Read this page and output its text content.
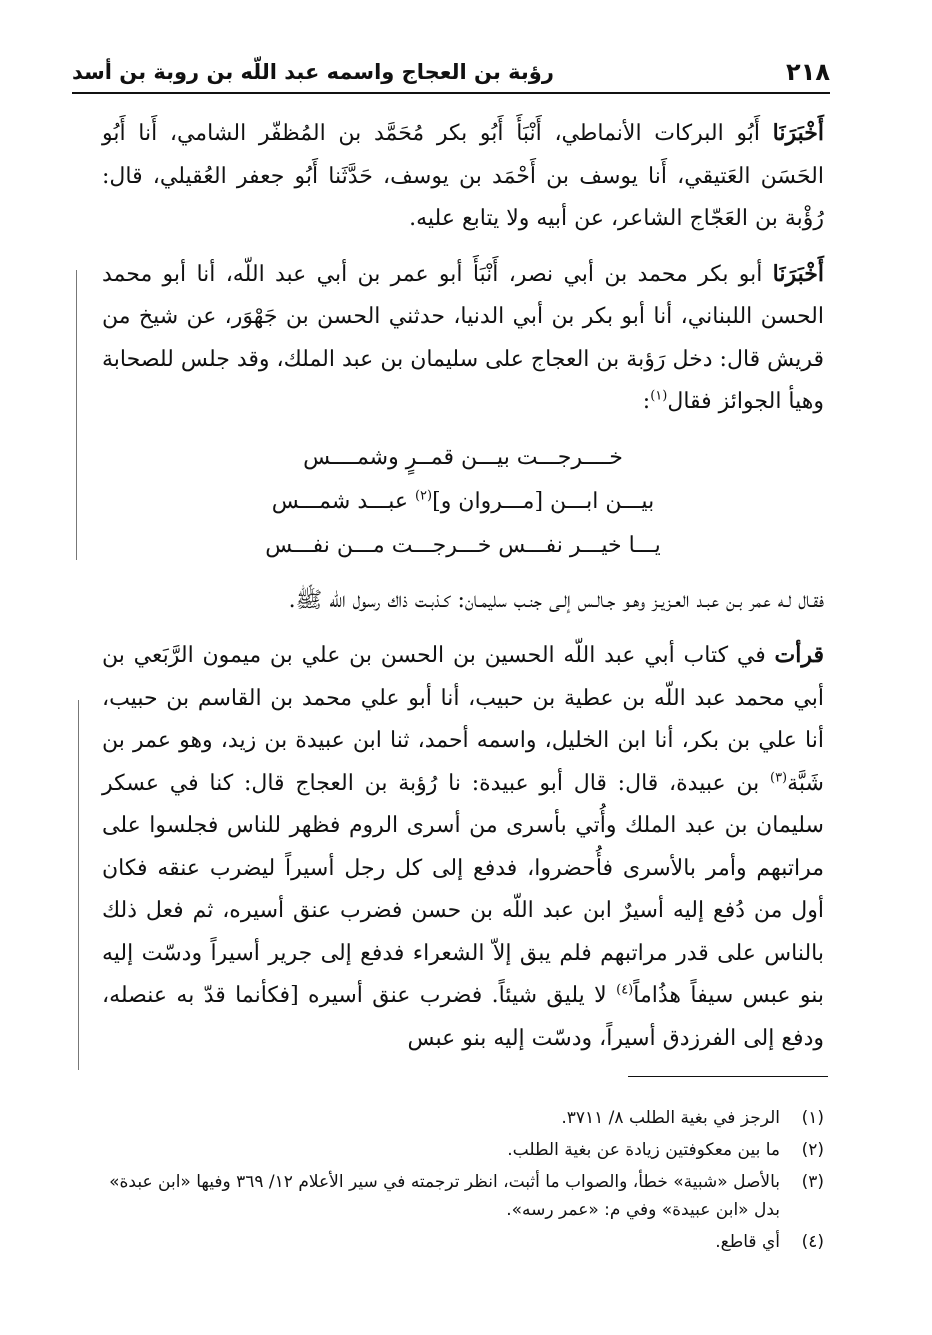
٢١٨
رؤبة بن العجاج واسمه عبد اللّه بن روبة بن أسد

أَخْبَرَنَا أَبُو البركات الأنماطي، أَنْبَأَ أَبُو بكر مُحَمَّد بن المُظفّر الشامي، أَنا أَبُو الحَسَن العَتيقي، أَنا يوسف بن أَحْمَد بن يوسف، حَدَّثَنا أَبُو جعفر العُقيلي، قال: رُؤْبة بن العَجّاج الشاعر، عن أبيه ولا يتابع عليه.

أَخْبَرَنَا أبو بكر محمد بن أبي نصر، أَنْبَأَ أبو عمر بن أبي عبد اللّه، أنا أبو محمد الحسن اللبناني، أنا أبو بكر بن أبي الدنيا، حدثني الحسن بن جَهْوَر، عن شيخ من قريش قال: دخل رَؤبة بن العجاج على سليمان بن عبد الملك، وقد جلس للصحابة وهيأ الجوائز فقال$^{(١)}$:

خــــرجـــت بيـــن قمــرٍ وشمــــس
بيـــن ابـــن [مـــروان و]$^{(٢)}$ عبـــد شمـــس
يـــا خيـــر نفـــس خـــرجـــت مـــن نفـــس

فقـال لـه عمر بـن عبـد العـزيـز وهـو جـالـس إلـى جنـب سليمـان: كـذبـت ذاك رسول اللّه ﷺ.

قرأت في كتاب أبي عبد اللّه الحسين بن الحسن بن علي بن ميمون الرَّبَعي بن أبي محمد عبد اللّه بن عطية بن حبيب، أنا أبو علي محمد بن القاسم بن حبيب، أنا علي بن بكر، أنا ابن الخليل، واسمه أحمد، ثنا ابن عبيدة بن زيد، وهو عمر بن شَبَّة$^{(٣)}$ بن عبيدة، قال: قال أبو عبيدة: نا رُؤبة بن العجاج قال: كنا في عسكر سليمان بن عبد الملك وأُتي بأسرى من أسرى الروم فظهر للناس فجلسوا على مراتبهم وأمر بالأسرى فأُحضروا، فدفع إلى كل رجل أسيراً ليضرب عنقه فكان أول من دُفع إليه أسيرٌ ابن عبد اللّه بن حسن فضرب عنق أسيره، ثم فعل ذلك بالناس على قدر مراتبهم فلم يبق إلاّ الشعراء فدفع إلى جرير أسيراً ودسّت إليه بنو عبس سيفاً هذُاماً$^{(٤)}$ لا يليق شيئاً. فضرب عنق أسيره [فكأنما قدّ به عنصله، ودفع إلى الفرزدق أسيراً، ودسّت إليه بنو عبس

(١)
الرجز في بغية الطلب ٨/ ٣٧١١.

(٢)
ما بين معكوفتين زيادة عن بغية الطلب.

(٣)
بالأصل «شبية» خطأ، والصواب ما أثبت، انظر ترجمته في سير الأعلام ١٢/ ٣٦٩ وفيها «ابن عبدة» بدل «ابن عبيدة» وفي م: «عمر رسه».

(٤)
أي قاطع.
